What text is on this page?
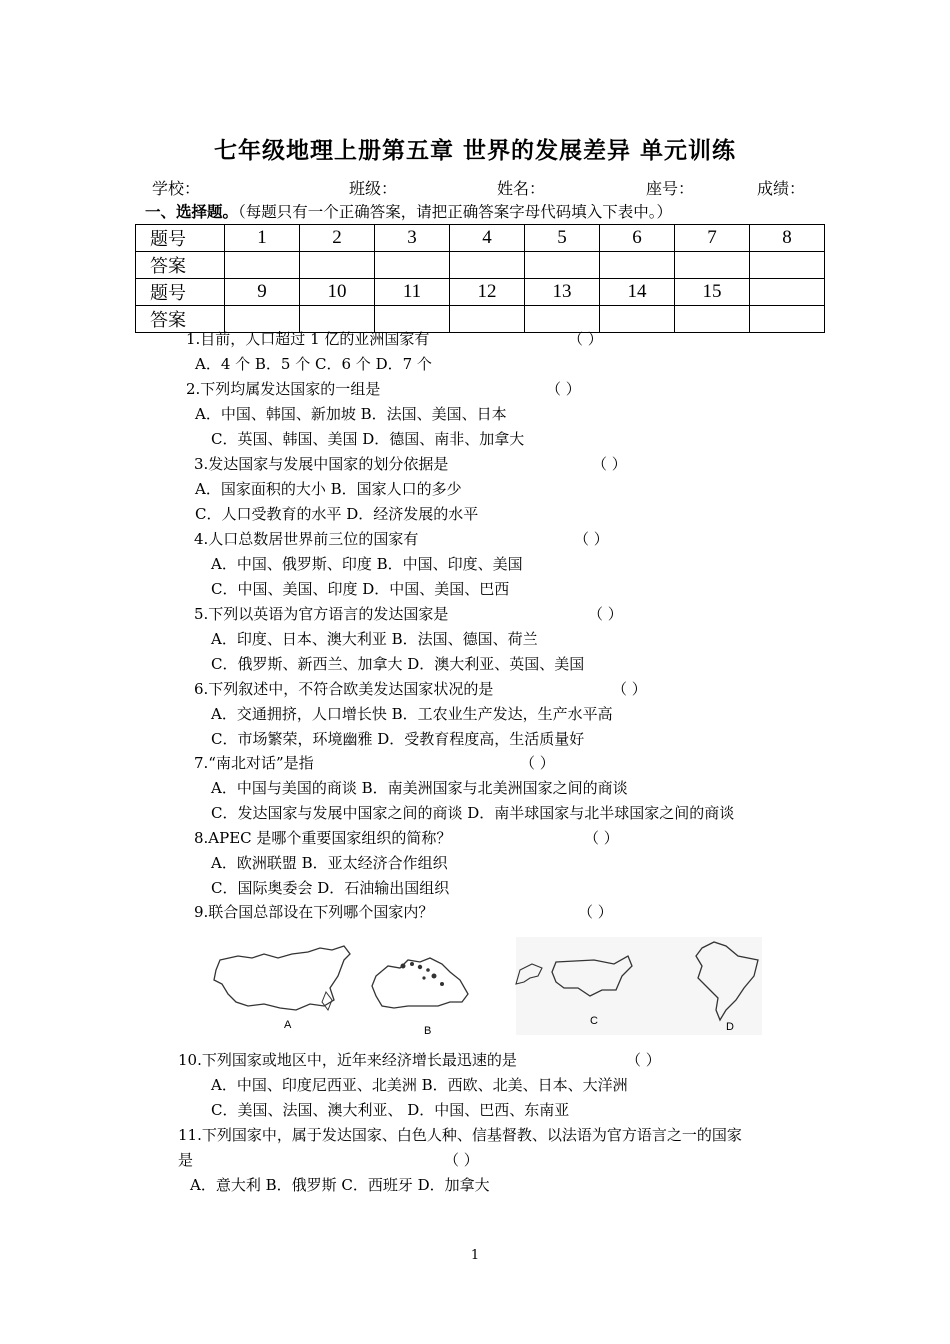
七年级地理上册第五章 世界的发展差异 单元训练
学校：	班级：	姓名：	座号：	成绩：
一、选择题。（每题只有一个正确答案，请把正确答案字母代码填入下表中。）
题号	1	2	3	4	5	6	7	8
答案								
题号	9	10	11	12	13	14	15	
答案								
1.目前，人口超过 1 亿的亚洲国家有	（ ）
A．4 个 B．5 个 C．6 个 D．7 个
2.下列均属发达国家的一组是	（ ）
A．中国、韩国、新加坡 B．法国、美国、日本
C．英国、韩国、美国 D．德国、南非、加拿大
3.发达国家与发展中国家的划分依据是	（ ）
A．国家面积的大小 B．国家人口的多少
C．人口受教育的水平 D．经济发展的水平
4.人口总数居世界前三位的国家有	（ ）
A．中国、俄罗斯、印度 B．中国、印度、美国
C．中国、美国、印度 D．中国、美国、巴西
5.下列以英语为官方语言的发达国家是	（ ）
A．印度、日本、澳大利亚 B．法国、德国、荷兰
C．俄罗斯、新西兰、加拿大 D．澳大利亚、英国、美国
6.下列叙述中，不符合欧美发达国家状况的是	（ ）
A．交通拥挤，人口增长快 B．工农业生产发达，生产水平高
C．市场繁荣，环境幽雅 D．受教育程度高，生活质量好
7.“南北对话”是指	（ ）
A．中国与美国的商谈 B．南美洲国家与北美洲国家之间的商谈
C．发达国家与发展中国家之间的商谈 D．南半球国家与北半球国家之间的商谈
8.APEC 是哪个重要国家组织的简称？	（ ）
A．欧洲联盟 B．亚太经济合作组织
C．国际奥委会 D．石油输出国组织
9.联合国总部设在下列哪个国家内？	（ ）
A	B
C	D
10.下列国家或地区中，近年来经济增长最迅速的是	（ ）
A．中国、印度尼西亚、北美洲 B．西欧、北美、日本、大洋洲
C．美国、法国、澳大利亚、 D．中国、巴西、东南亚
11.下列国家中，属于发达国家、白色人种、信基督教、以法语为官方语言之一的国家
是	（ ）
A．意大利 B．俄罗斯 C．西班牙 D．加拿大
1
